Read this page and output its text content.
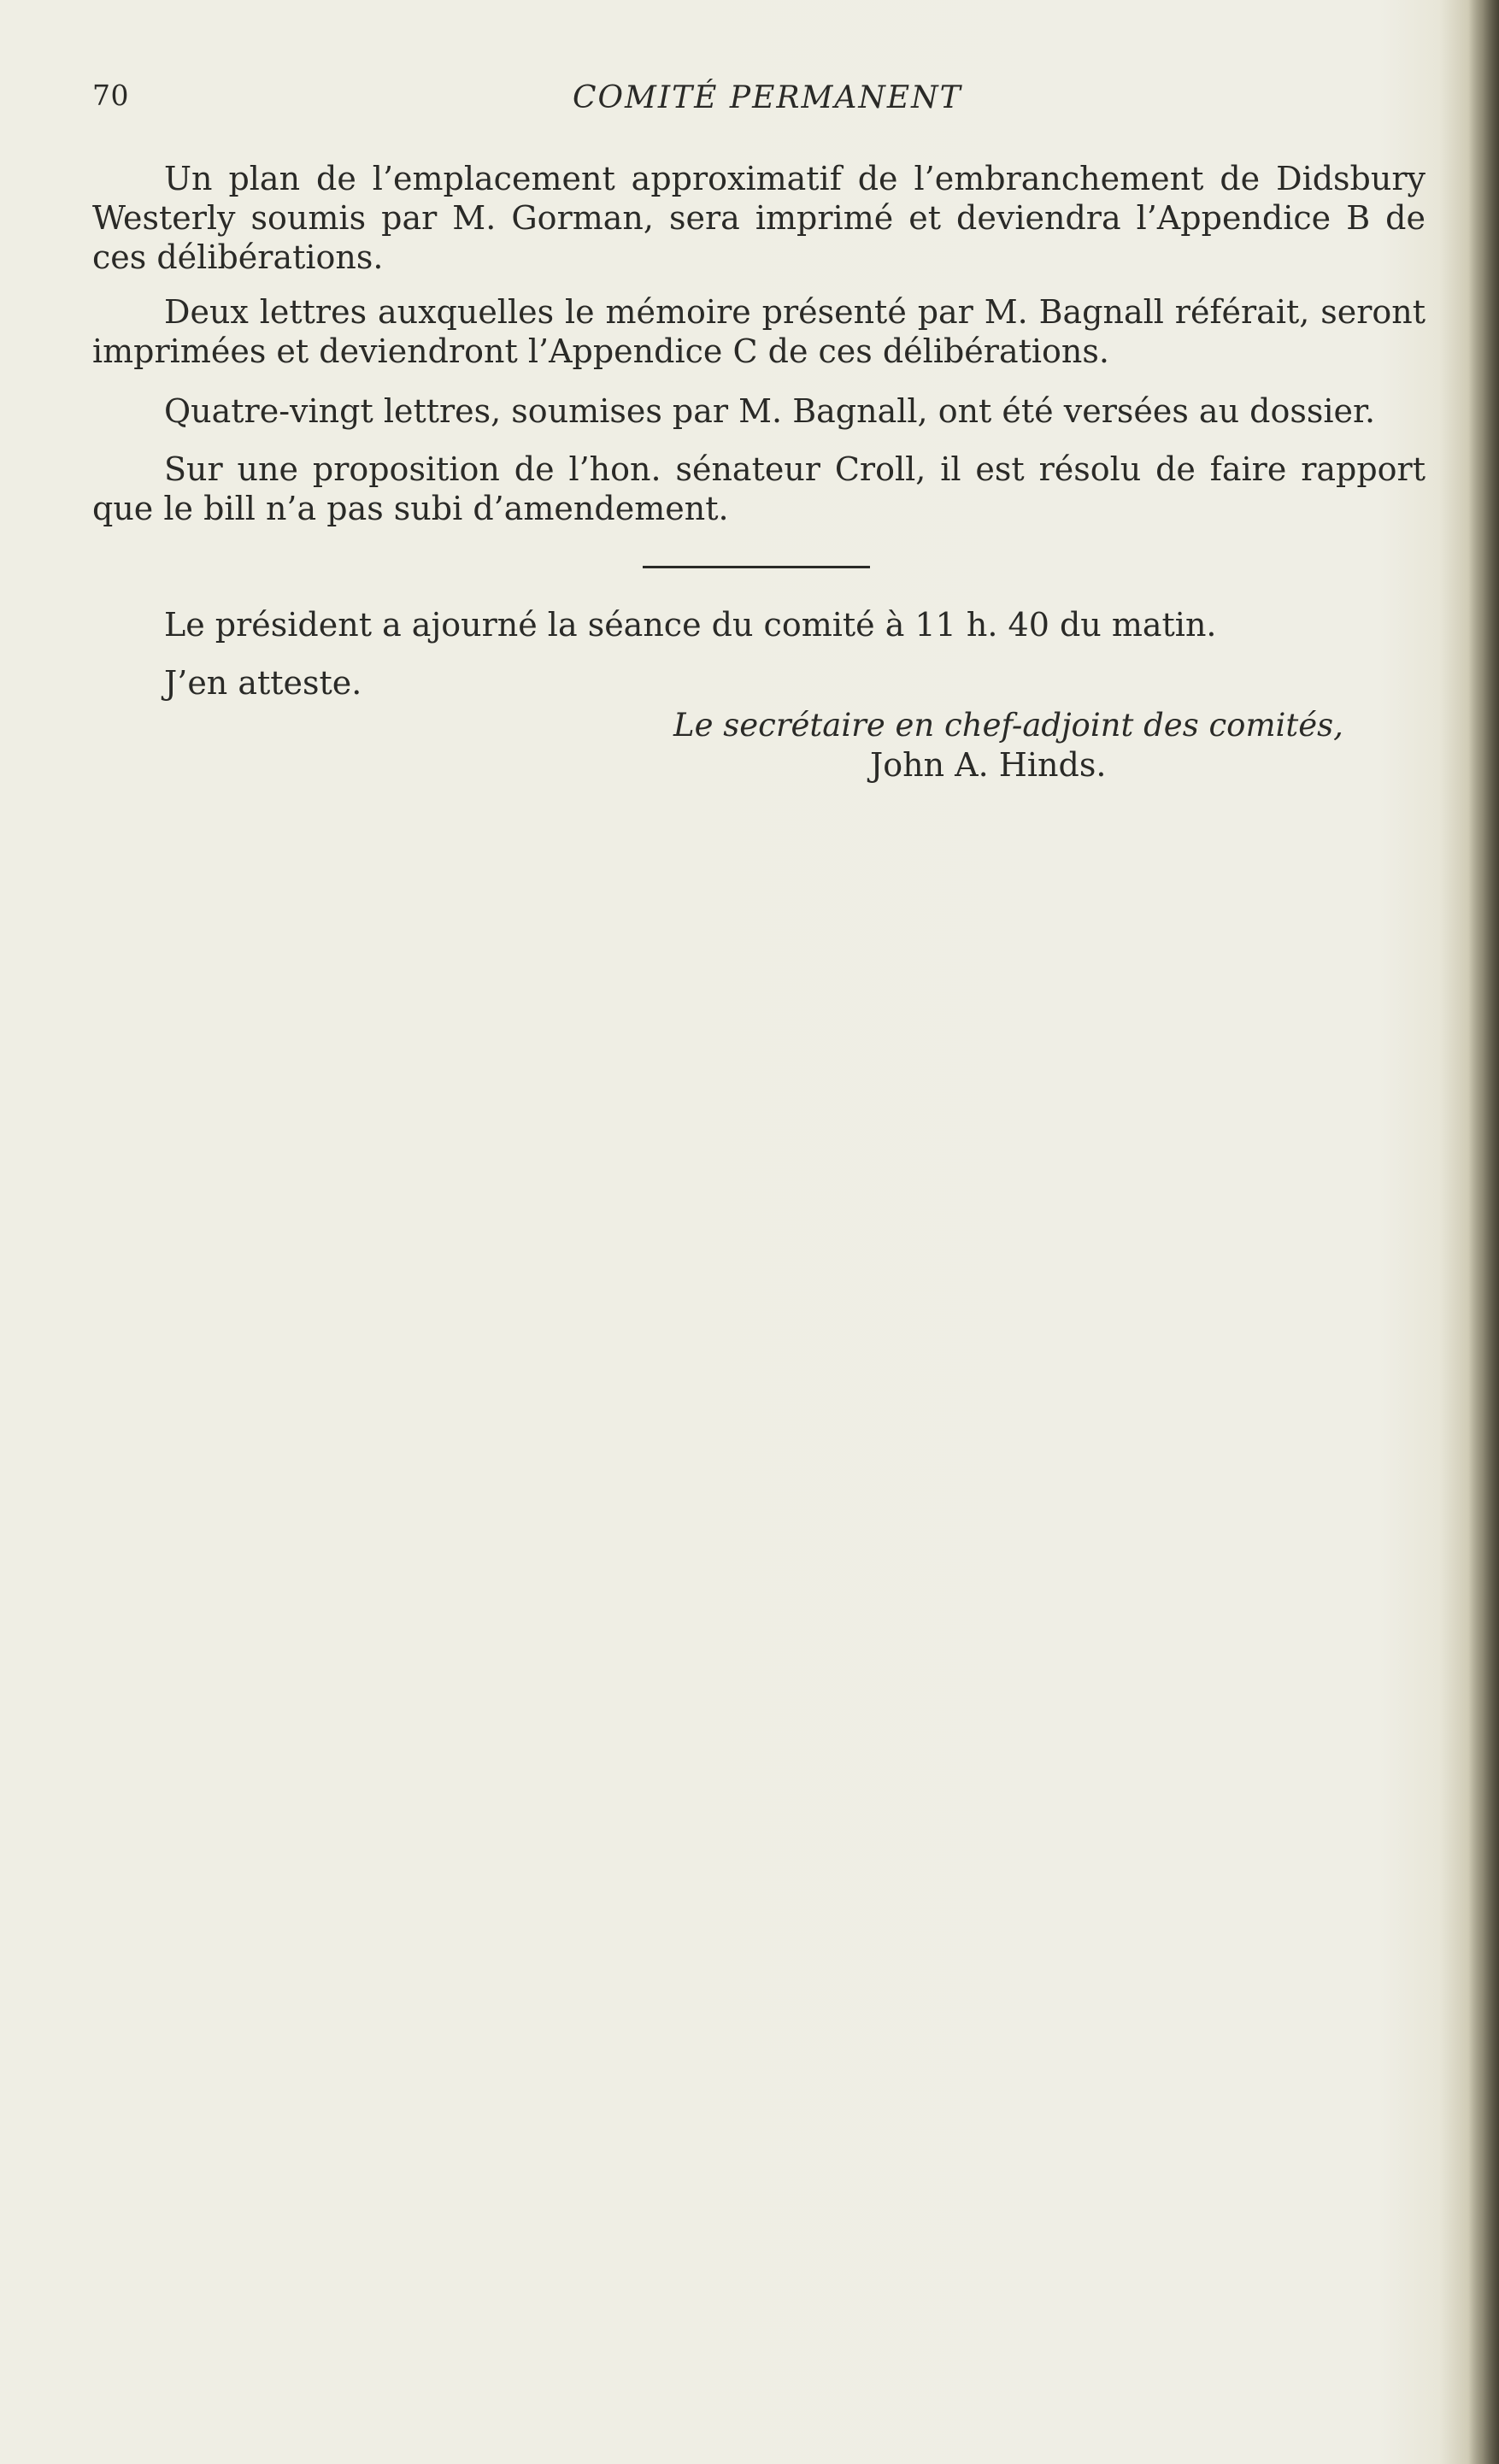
70	COMITÉ PERMANENT

Un plan de l’emplacement approximatif de l’embranchement de Didsbury Westerly soumis par M. Gorman, sera imprimé et deviendra l’Appendice B de ces délibérations.

Deux lettres auxquelles le mémoire présenté par M. Bagnall référait, seront imprimées et deviendront l’Appendice C de ces délibérations.

Quatre-vingt lettres, soumises par M. Bagnall, ont été versées au dossier.

Sur une proposition de l’hon. sénateur Croll, il est résolu de faire rapport que le bill n’a pas subi d’amendement.

Le président a ajourné la séance du comité à 11 h. 40 du matin.

J’en atteste.
Le secrétaire en chef-adjoint des comités,
John A. Hinds.
